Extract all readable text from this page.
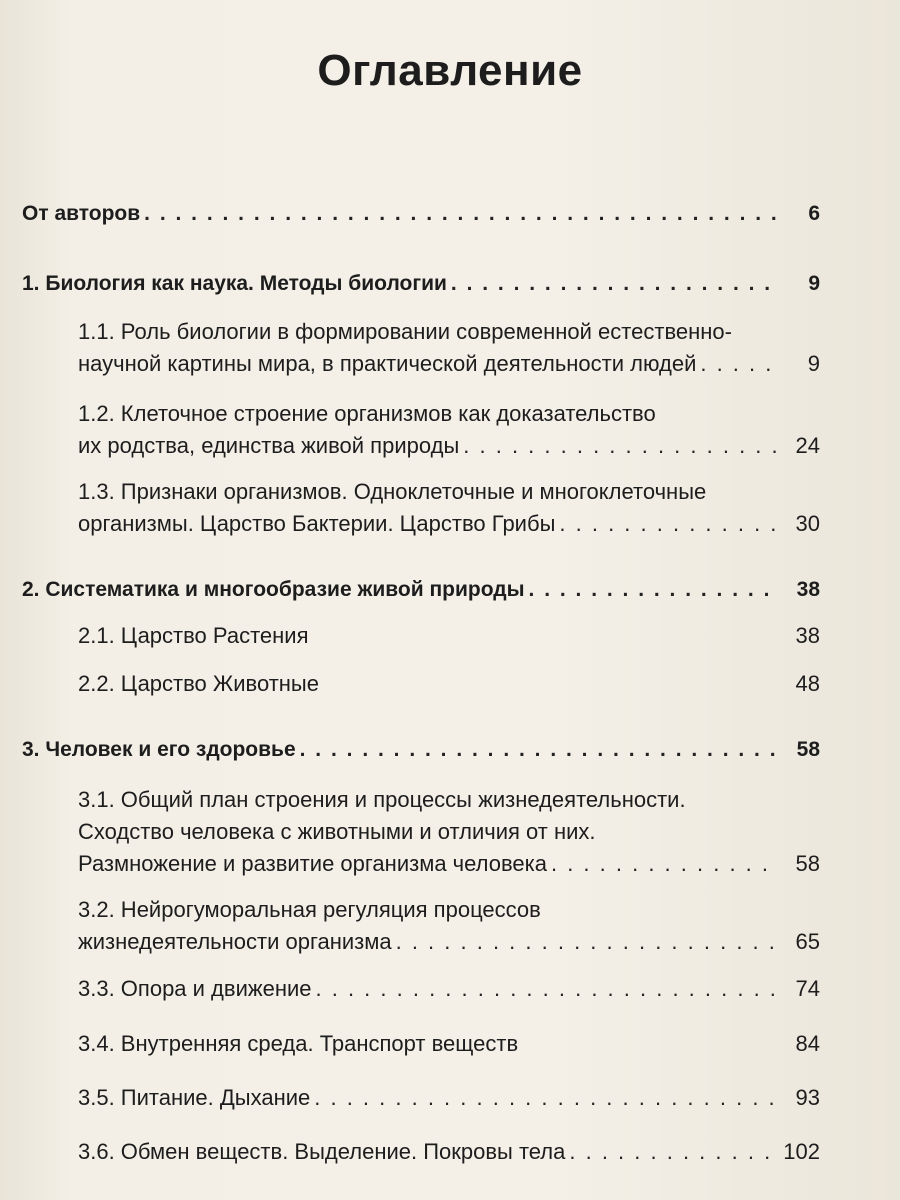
Оглавление
От авторов . . .	6
1. Биология как наука. Методы биологии . . .	9
1.1. Роль биологии в формировании современной естественно-
научной картины мира, в практической деятельности людей . . .	9
1.2. Клеточное строение организмов как доказательство
их родства, единства живой природы . . .	24
1.3. Признаки организмов. Одноклеточные и многоклеточные
организмы. Царство Бактерии. Царство Грибы . . .	30
2. Систематика и многообразие живой природы . . .	38
2.1. Царство Растения	38
2.2. Царство Животные	48
3. Человек и его здоровье . . .	58
3.1. Общий план строения и процессы жизнедеятельности.
Сходство человека с животными и отличия от них.
Размножение и развитие организма человека . . .	58
3.2. Нейрогуморальная регуляция процессов
жизнедеятельности организма . . .	65
3.3. Опора и движение . . .	74
3.4. Внутренняя среда. Транспорт веществ	84
3.5. Питание. Дыхание . . .	93
3.6. Обмен веществ. Выделение. Покровы тела . . .	102
